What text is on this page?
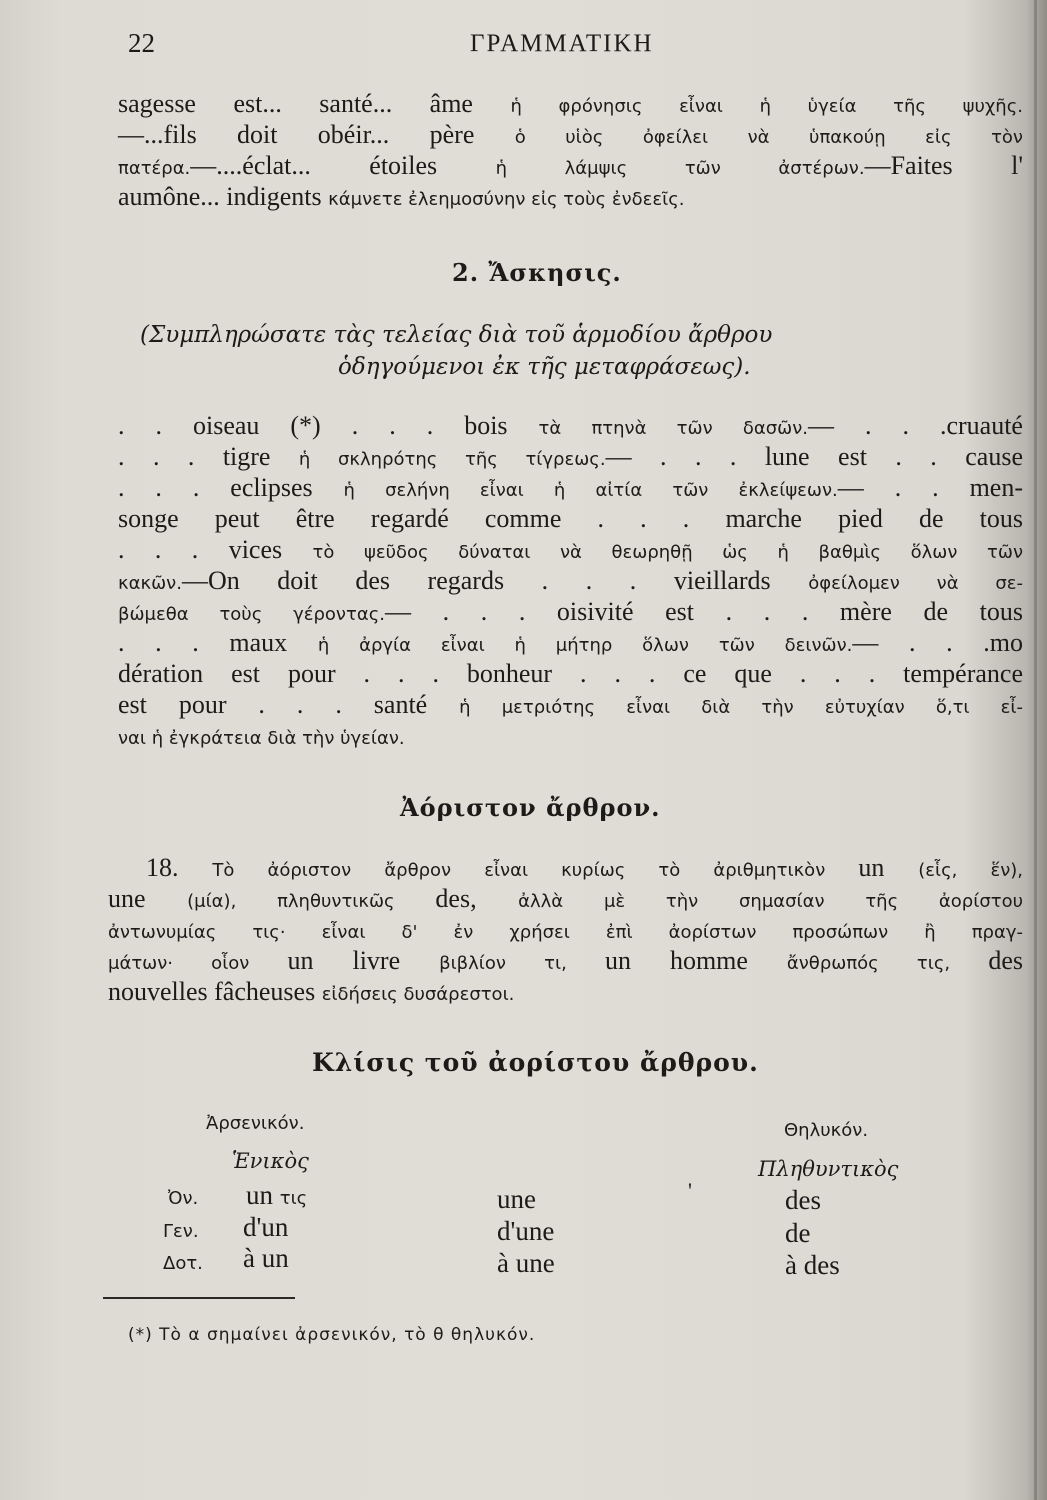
22	ΓΡΑΜΜΑΤΙΚΗ
sagesse est... santé... âme ἡ φρόνησις εἶναι ἡ ὑγεία τῆς ψυχῆς.
—...fils doit obéir... père ὁ υἱὸς ὀφείλει νὰ ὑπακούῃ εἰς τὸν
πατέρα.—....éclat... étoiles ἡ λάμψις τῶν ἀστέρων.—Faites l'
aumône... indigents κάμνετε ἐλεημοσύνην εἰς τοὺς ἐνδεεῖς.
2. Ἄσκησις.
(Συμπληρώσατε τὰς τελείας διὰ τοῦ ἁρμοδίου ἄρθρου
ὁδηγούμενοι ἐκ τῆς μεταφράσεως).
. . oiseau (*) . . . bois τὰ πτηνὰ τῶν δασῶν.— . . .cruauté
. . . tigre ἡ σκληρότης τῆς τίγρεως.— . . . lune est . . cause
. . . eclipses ἡ σελήνη εἶναι ἡ αἰτία τῶν ἐκλείψεων.— . . men-
songe peut être regardé comme . . . marche pied de tous
. . . vices τὸ ψεῦδος δύναται νὰ θεωρηθῇ ὡς ἡ βαθμὶς ὅλων τῶν
κακῶν.—On doit des regards . . . vieillards ὀφείλομεν νὰ σε-
βώμεθα τοὺς γέροντας.— . . . oisivité est . . . mère de tous
. . . maux ἡ ἀργία εἶναι ἡ μήτηρ ὅλων τῶν δεινῶν.— . . .mo
dération est pour . . . bonheur . . . ce que . . . tempérance
est pour . . . santé ἡ μετριότης εἶναι διὰ τὴν εὐτυχίαν ὅ,τι εἶ-
ναι ἡ ἐγκράτεια διὰ τὴν ὑγείαν.
Ἀόριστον ἄρθρον.
18. Τὸ ἀόριστον ἄρθρον εἶναι κυρίως τὸ ἀριθμητικὸν un (εἷς, ἕν),
une (μία), πληθυντικῶς des, ἀλλὰ μὲ τὴν σημασίαν τῆς ἀορίστου
ἀντωνυμίας τις· εἶναι δ' ἐν χρήσει ἐπὶ ἀορίστων προσώπων ἢ πραγ-
μάτων· οἷον un livre βιβλίον τι, un homme ἄνθρωπός τις, des
nouvelles fâcheuses εἰδήσεις δυσάρεστοι.
Κλίσις τοῦ ἀορίστου ἄρθρου.
Ἀρσενικόν.	Θηλυκόν.
Ἑνικὸς	Πληθυντικὸς
Ὀν. un τις	une	'	des
Γεν. d'un	d'une	de
Δοτ. à un	à une	à des
(*) Τὸ α σημαίνει ἀρσενικόν, τὸ θ θηλυκόν.
